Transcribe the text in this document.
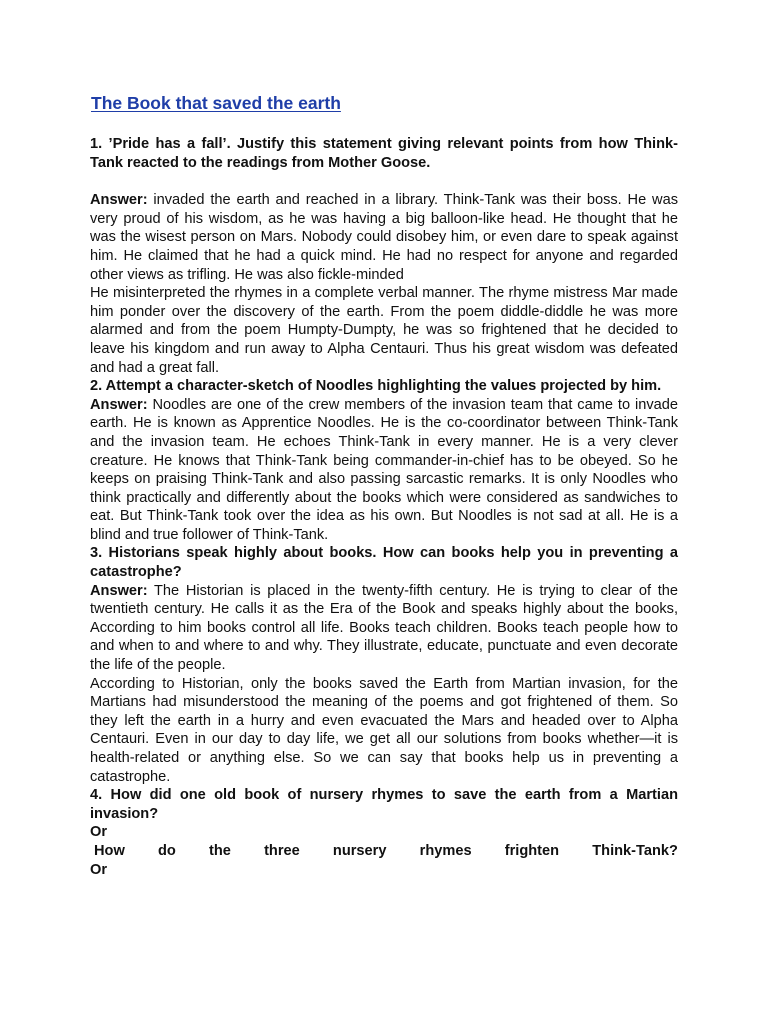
The Book that saved the earth

1. ’Pride has a fall’. Justify this statement giving relevant points from how Think-Tank reacted to the readings from Mother Goose.

Answer: invaded the earth and reached in a library. Think-Tank was their boss. He was very proud of his wisdom, as he was having a big balloon-like head. He thought that he was the wisest person on Mars. Nobody could disobey him, or even dare to speak against him. He claimed that he had a quick mind. He had no respect for anyone and regarded other views as trifling. He was also fickle-minded

He misinterpreted the rhymes in a complete verbal manner. The rhyme mistress Mar made him ponder over the discovery of the earth. From the poem diddle-diddle he was more alarmed and from the poem Humpty-Dumpty, he was so frightened that he decided to leave his kingdom and run away to Alpha Centauri. Thus his great wisdom was defeated and had a great fall.

2. Attempt a character-sketch of Noodles highlighting the values projected by him.

Answer: Noodles are one of the crew members of the invasion team that came to invade earth. He is known as Apprentice Noodles. He is the co-coordinator between Think-Tank and the invasion team. He echoes Think-Tank in every manner. He is a very clever creature. He knows that Think-Tank being commander-in-chief has to be obeyed. So he keeps on praising Think-Tank and also passing sarcastic remarks. It is only Noodles who think practically and differently about the books which were considered as sandwiches to eat. But Think-Tank took over the idea as his own. But Noodles is not sad at all. He is a blind and true follower of Think-Tank.

3. Historians speak highly about books. How can books help you in preventing a catastrophe?

Answer: The Historian is placed in the twenty-fifth century. He is trying to clear of the twentieth century. He calls it as the Era of the Book and speaks highly about the books, According to him books control all life. Books teach children. Books teach people how to and when to and where to and why. They illustrate, educate, punctuate and even decorate the life of the people.

According to Historian, only the books saved the Earth from Martian invasion, for the Martians had misunderstood the meaning of the poems and got frightened of them. So they left the earth in a hurry and even evacuated the Mars and headed over to Alpha Centauri. Even in our day to day life, we get all our solutions from books whether—it is health-related or anything else. So we can say that books help us in preventing a catastrophe.

4. How did one old book of nursery rhymes to save the earth from a Martian invasion?

Or

How do the three nursery rhymes frighten Think-Tank?

Or
